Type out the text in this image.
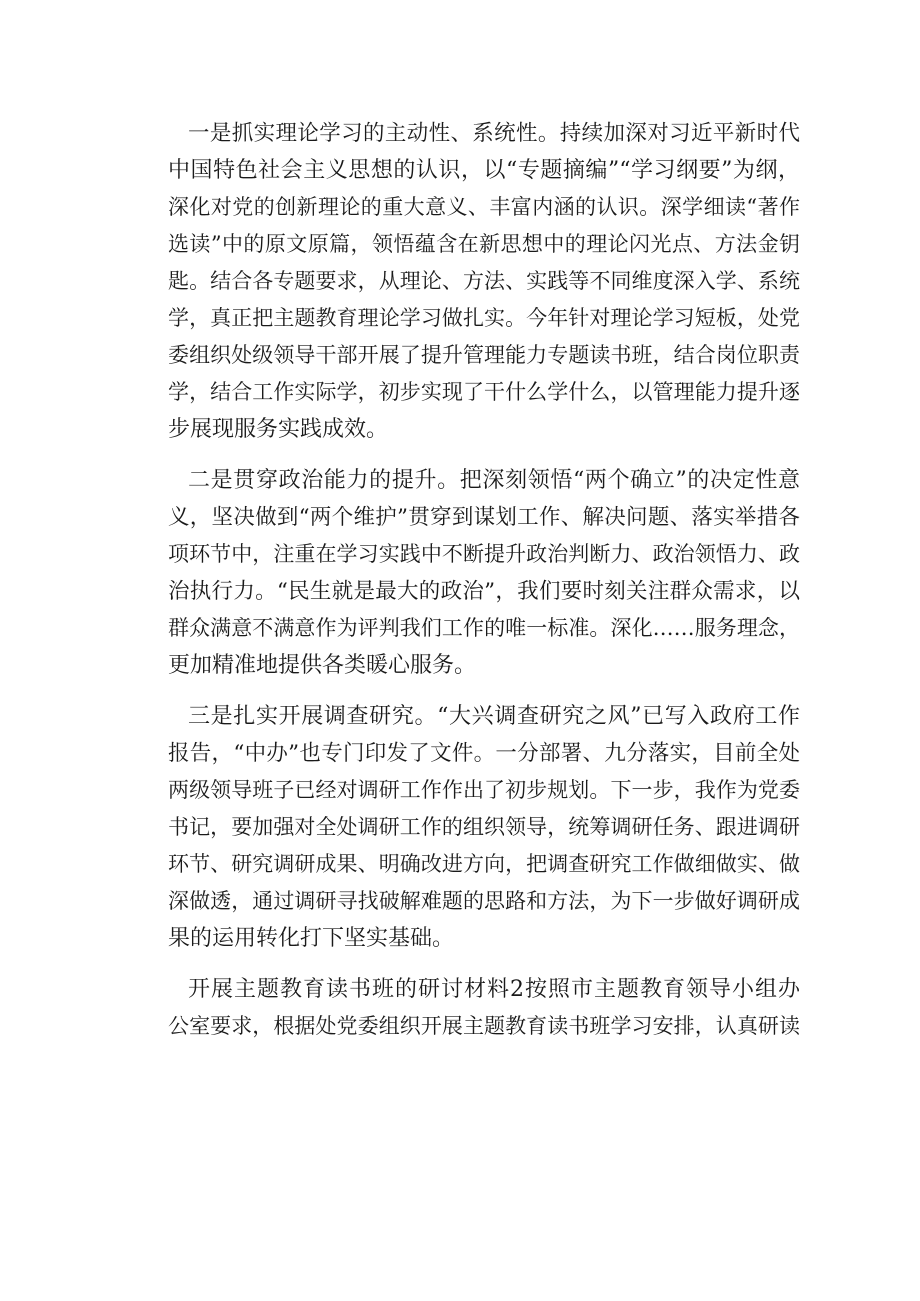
一是抓实理论学习的主动性、系统性。持续加深对习近平新时代
中国特色社会主义思想的认识，以“专题摘编”“学习纲要”为纲，
深化对党的创新理论的重大意义、丰富内涵的认识。深学细读“著作
选读”中的原文原篇，领悟蕴含在新思想中的理论闪光点、方法金钥
匙。结合各专题要求，从理论、方法、实践等不同维度深入学、系统
学，真正把主题教育理论学习做扎实。今年针对理论学习短板，处党
委组织处级领导干部开展了提升管理能力专题读书班，结合岗位职责
学，结合工作实际学，初步实现了干什么学什么，以管理能力提升逐
步展现服务实践成效。
二是贯穿政治能力的提升。把深刻领悟“两个确立”的决定性意
义，坚决做到“两个维护”贯穿到谋划工作、解决问题、落实举措各
项环节中，注重在学习实践中不断提升政治判断力、政治领悟力、政
治执行力。“民生就是最大的政治”，我们要时刻关注群众需求，以
群众满意不满意作为评判我们工作的唯一标准。深化……服务理念，
更加精准地提供各类暖心服务。
三是扎实开展调查研究。“大兴调查研究之风”已写入政府工作
报告，“中办”也专门印发了文件。一分部署、九分落实，目前全处
两级领导班子已经对调研工作作出了初步规划。下一步，我作为党委
书记，要加强对全处调研工作的组织领导，统筹调研任务、跟进调研
环节、研究调研成果、明确改进方向，把调查研究工作做细做实、做
深做透，通过调研寻找破解难题的思路和方法，为下一步做好调研成
果的运用转化打下坚实基础。
开展主题教育读书班的研讨材料2按照市主题教育领导小组办
公室要求，根据处党委组织开展主题教育读书班学习安排，认真研读
